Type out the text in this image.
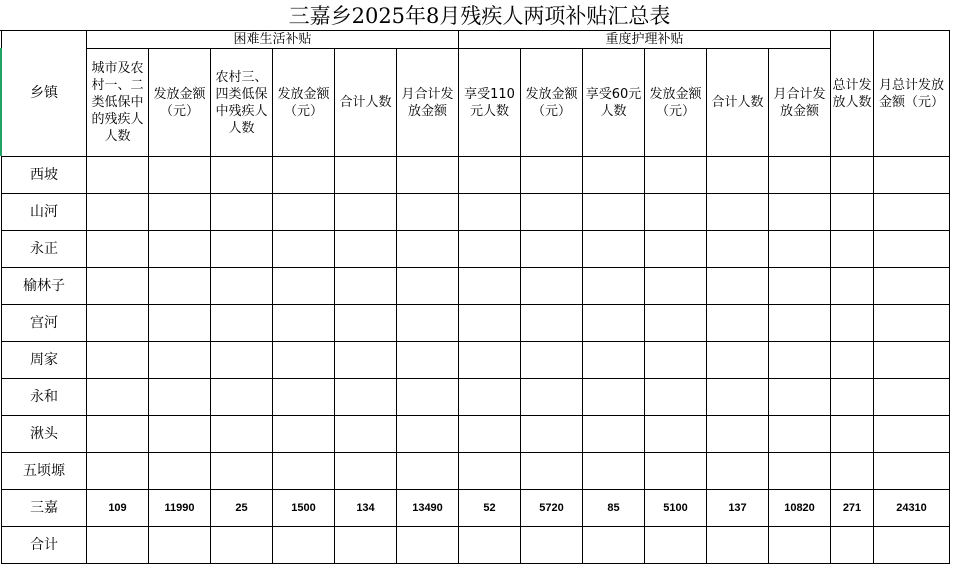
三嘉乡2025年8月残疾人两项补贴汇总表
乡镇	困难生活补贴						重度护理补贴						总计发放人数	月总计发放金额（元）
	城市及农村一、二类低保中的残疾人人数	发放金额（元）	农村三、四类低保中残疾人人数	发放金额（元）	合计人数	月合计发放金额	享受110元人数	发放金额（元）	享受60元人数	发放金额（元）	合计人数	月合计发放金额		
西坡														
山河														
永正														
榆林子														
宫河														
周家														
永和														
湫头														
五顷塬														
三嘉	109	11990	25	1500	134	13490	52	5720	85	5100	137	10820	271	24310
合计														
